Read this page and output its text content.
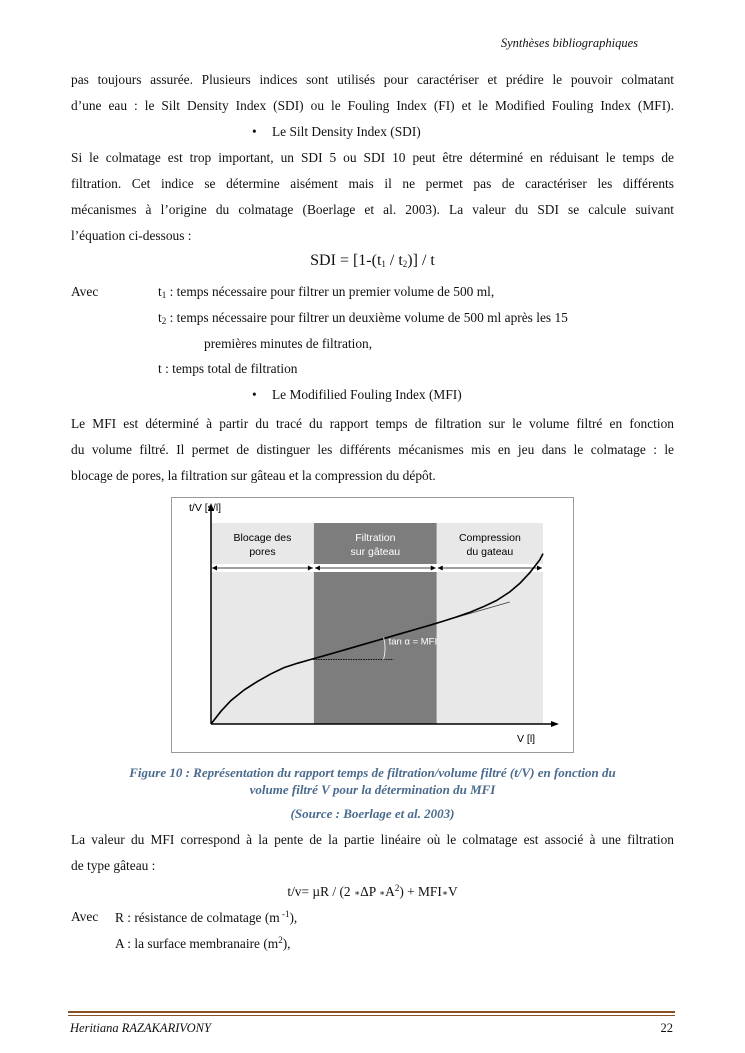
Synthèses bibliographiques
pas toujours assurée. Plusieurs indices sont utilisés pour caractériser et prédire le pouvoir colmatant
d’une eau : le Silt Density Index (SDI) ou le Fouling Index (FI) et le Modified Fouling Index (MFI).
• Le Silt Density Index (SDI)
Si le colmatage est trop important, un SDI 5 ou SDI 10 peut être déterminé en réduisant le temps de
filtration. Cet indice se détermine aisément mais il ne permet pas de caractériser les différents
mécanismes à l’origine du colmatage (Boerlage et al. 2003). La valeur du SDI se calcule suivant
l’équation ci-dessous :
SDI = $[1-(t_1 / t_2)]$ / t
Avec	$t_1$ : temps nécessaire pour filtrer un premier volume de 500 ml,
$t_2$ : temps nécessaire pour filtrer un deuxième volume de 500 ml après les 15
premières minutes de filtration,
t : temps total de filtration
• Le Modifilied Fouling Index (MFI)
Le MFI est déterminé à partir du tracé du rapport temps de filtration sur le volume filtré en fonction
du volume filtré. Il permet de distinguer les différents mécanismes mis en jeu dans le colmatage : le
blocage de pores, la filtration sur gâteau et la compression du dépôt.
Blocage des
pores
Filtration
sur gâteau
Compression
du gateau
t/V [s/l]
V [l]
tan α = MFI
Figure 10 : Représentation du rapport temps de filtration/volume filtré (t/V) en fonction du
volume filtré V pour la détermination du MFI
(Source : Boerlage et al. 2003)
La valeur du MFI correspond à la pente de la partie linéaire où le colmatage est associé à une filtration
de type gâteau :
t/v= µR / (2 ∗ΔP $∗A^2$) + MFI∗V
Avec R : résistance de colmatage (m $^{-1}$),
A : la surface membranaire $(m^2)$,
Heritiana RAZAKARIVONY	22
